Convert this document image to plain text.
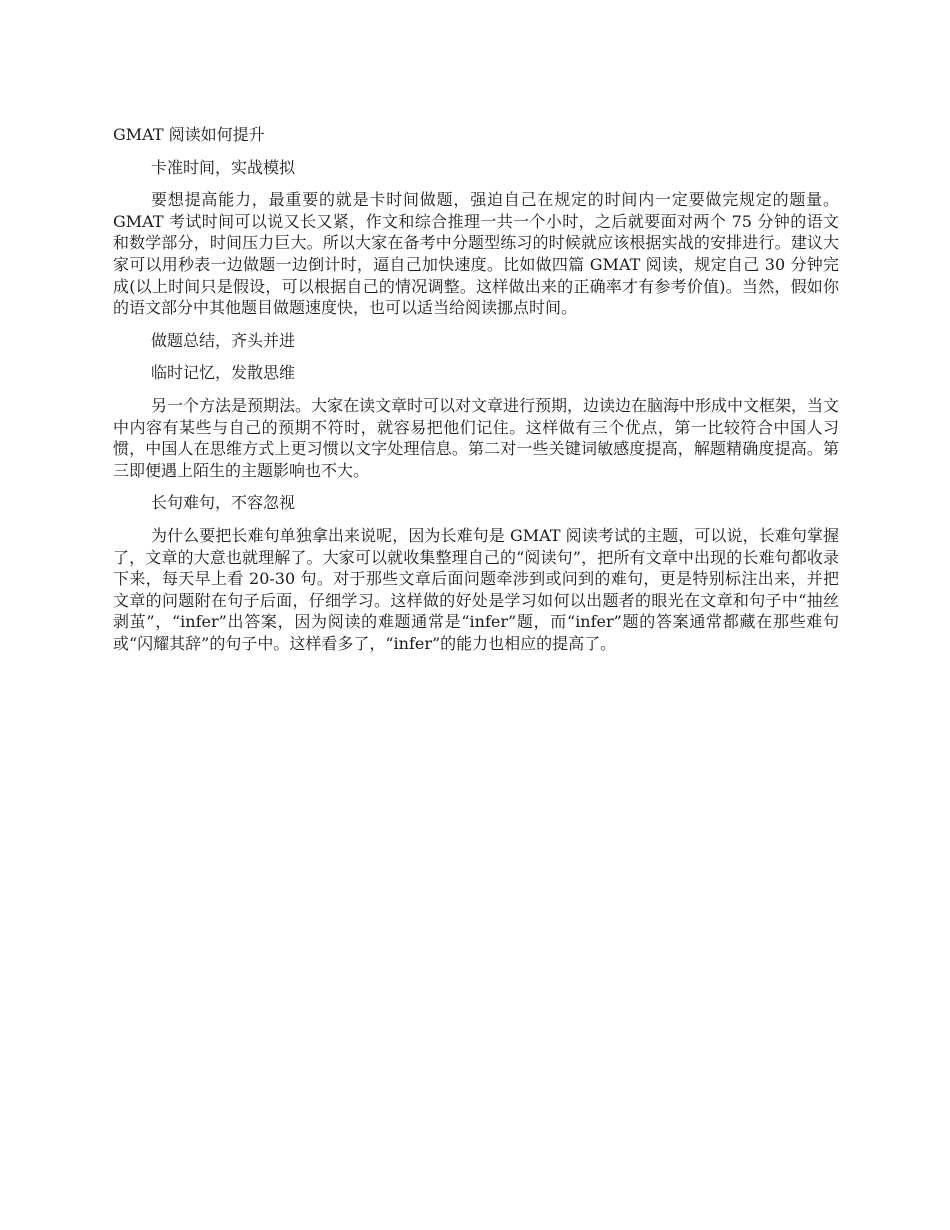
GMAT 阅读如何提升

卡准时间，实战模拟

要想提高能力，最重要的就是卡时间做题，强迫自己在规定的时间内一定要做完规定的题量。GMAT 考试时间可以说又长又紧，作文和综合推理一共一个小时，之后就要面对两个 75 分钟的语文和数学部分，时间压力巨大。所以大家在备考中分题型练习的时候就应该根据实战的安排进行。建议大家可以用秒表一边做题一边倒计时，逼自己加快速度。比如做四篇 GMAT 阅读，规定自己 30 分钟完成(以上时间只是假设，可以根据自己的情况调整。这样做出来的正确率才有参考价值)。当然，假如你的语文部分中其他题目做题速度快，也可以适当给阅读挪点时间。

做题总结，齐头并进

临时记忆，发散思维

另一个方法是预期法。大家在读文章时可以对文章进行预期，边读边在脑海中形成中文框架，当文中内容有某些与自己的预期不符时，就容易把他们记住。这样做有三个优点，第一比较符合中国人习惯，中国人在思维方式上更习惯以文字处理信息。第二对一些关键词敏感度提高，解题精确度提高。第三即便遇上陌生的主题影响也不大。

长句难句，不容忽视

为什么要把长难句单独拿出来说呢，因为长难句是 GMAT 阅读考试的主题，可以说，长难句掌握了，文章的大意也就理解了。大家可以就收集整理自己的“阅读句”，把所有文章中出现的长难句都收录下来，每天早上看 20-30 句。对于那些文章后面问题牵涉到或问到的难句，更是特别标注出来，并把文章的问题附在句子后面，仔细学习。这样做的好处是学习如何以出题者的眼光在文章和句子中“抽丝剥茧”，“infer”出答案，因为阅读的难题通常是“infer”题，而“infer”题的答案通常都藏在那些难句或“闪耀其辞”的句子中。这样看多了，“infer”的能力也相应的提高了。
